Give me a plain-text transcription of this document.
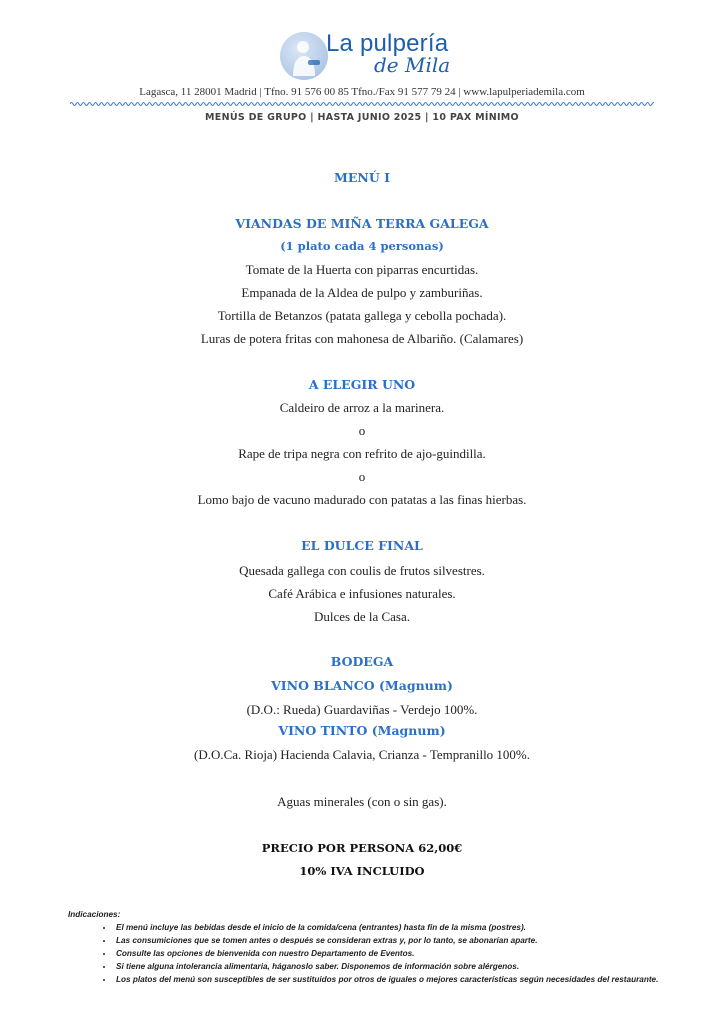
La pulpería
de Mila
Lagasca, 11 28001 Madrid | Tfno. 91 576 00 85 Tfno./Fax 91 577 79 24 | www.lapulperiademila.com
MENÚS DE GRUPO | HASTA JUNIO 2025 | 10 PAX MÍNIMO
MENÚ I
VIANDAS DE MIÑA TERRA GALEGA
(1 plato cada 4 personas)
Tomate de la Huerta con piparras encurtidas.
Empanada de la Aldea de pulpo y zamburiñas.
Tortilla de Betanzos (patata gallega y cebolla pochada).
Luras de potera fritas con mahonesa de Albariño. (Calamares)
A ELEGIR UNO
Caldeiro de arroz a la marinera.
o
Rape de tripa negra con refrito de ajo-guindilla.
o
Lomo bajo de vacuno madurado con patatas a las finas hierbas.
EL DULCE FINAL
Quesada gallega con coulis de frutos silvestres.
Café Arábica e infusiones naturales.
Dulces de la Casa.
BODEGA
VINO BLANCO (Magnum)
(D.O.: Rueda) Guardaviñas - Verdejo 100%.
VINO TINTO (Magnum)
(D.O.Ca. Rioja) Hacienda Calavia, Crianza - Tempranillo 100%.
Aguas minerales (con o sin gas).
PRECIO POR PERSONA 62,00€
10% IVA INCLUIDO
Indicaciones:
• El menú incluye las bebidas desde el inicio de la comida/cena (entrantes) hasta fin de la misma (postres).
• Las consumiciones que se tomen antes o después se consideran extras y, por lo tanto, se abonarían aparte.
• Consulte las opciones de bienvenida con nuestro Departamento de Eventos.
• Si tiene alguna intolerancia alimentaria, háganoslo saber. Disponemos de información sobre alérgenos.
• Los platos del menú son susceptibles de ser sustituidos por otros de iguales o mejores características según necesidades del restaurante.
